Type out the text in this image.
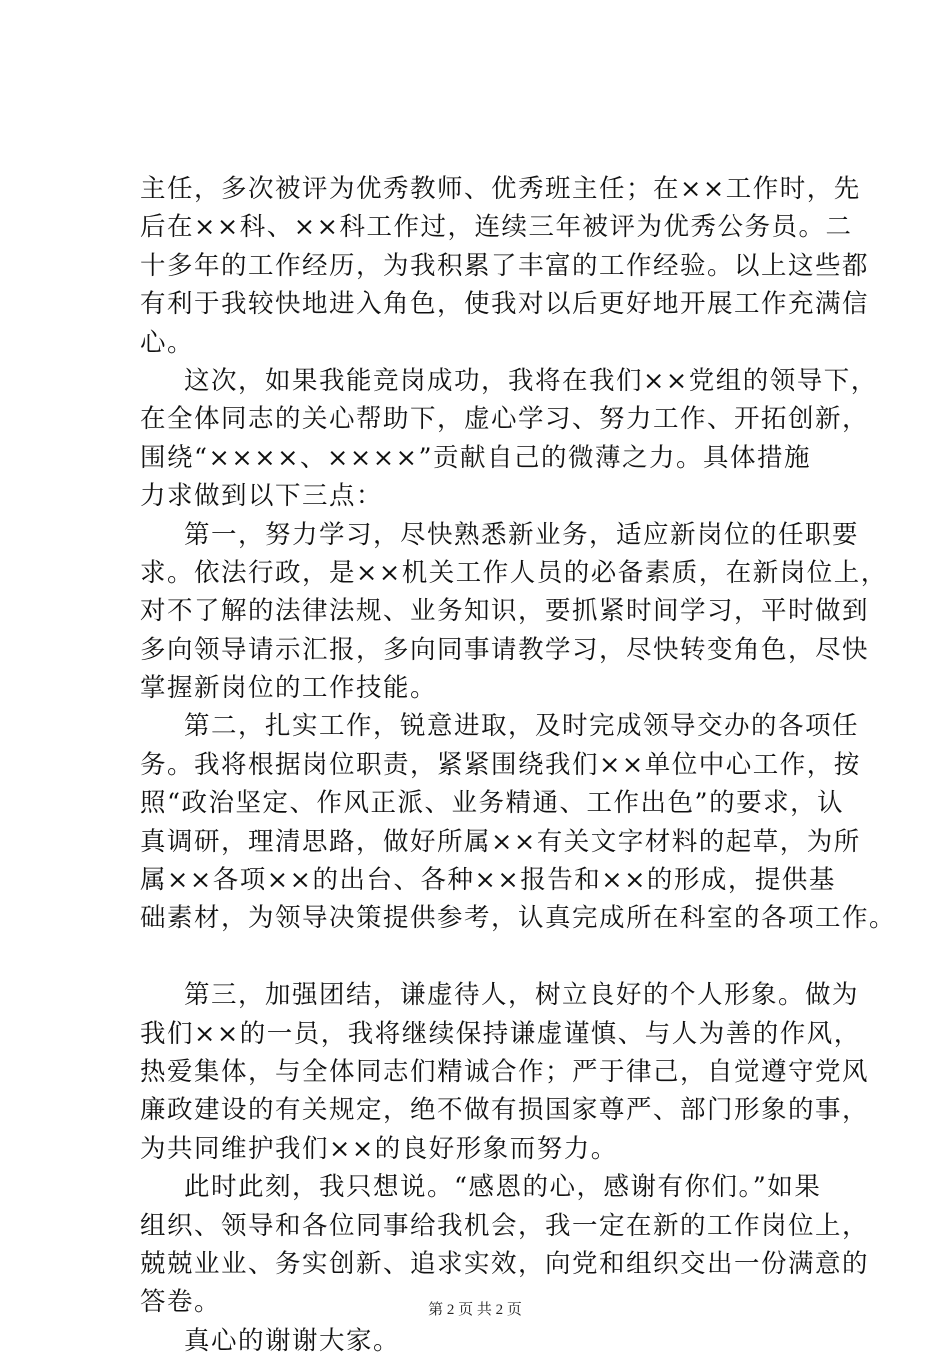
主任，多次被评为优秀教师、优秀班主任；在××工作时，先
后在××科、××科工作过，连续三年被评为优秀公务员。二
十多年的工作经历，为我积累了丰富的工作经验。以上这些都
有利于我较快地进入角色，使我对以后更好地开展工作充满信
心。
这次，如果我能竞岗成功，我将在我们××党组的领导下，
在全体同志的关心帮助下，虚心学习、努力工作、开拓创新，
围绕“××××、××××”贡献自己的微薄之力。具体措施
力求做到以下三点：
第一，努力学习，尽快熟悉新业务，适应新岗位的任职要
求。依法行政，是××机关工作人员的必备素质，在新岗位上，
对不了解的法律法规、业务知识，要抓紧时间学习，平时做到
多向领导请示汇报，多向同事请教学习，尽快转变角色，尽快
掌握新岗位的工作技能。
第二，扎实工作，锐意进取，及时完成领导交办的各项任
务。我将根据岗位职责，紧紧围绕我们××单位中心工作，按
照“政治坚定、作风正派、业务精通、工作出色”的要求，认
真调研，理清思路，做好所属××有关文字材料的起草，为所
属××各项××的出台、各种××报告和××的形成，提供基
础素材，为领导决策提供参考，认真完成所在科室的各项工作。
第三，加强团结，谦虚待人，树立良好的个人形象。做为
我们××的一员，我将继续保持谦虚谨慎、与人为善的作风，
热爱集体，与全体同志们精诚合作；严于律己，自觉遵守党风
廉政建设的有关规定，绝不做有损国家尊严、部门形象的事，
为共同维护我们××的良好形象而努力。
此时此刻，我只想说。“感恩的心，感谢有你们。”如果
组织、领导和各位同事给我机会，我一定在新的工作岗位上，
兢兢业业、务实创新、追求实效，向党和组织交出一份满意的
答卷。
真心的谢谢大家。
第 2 页 共 2 页
